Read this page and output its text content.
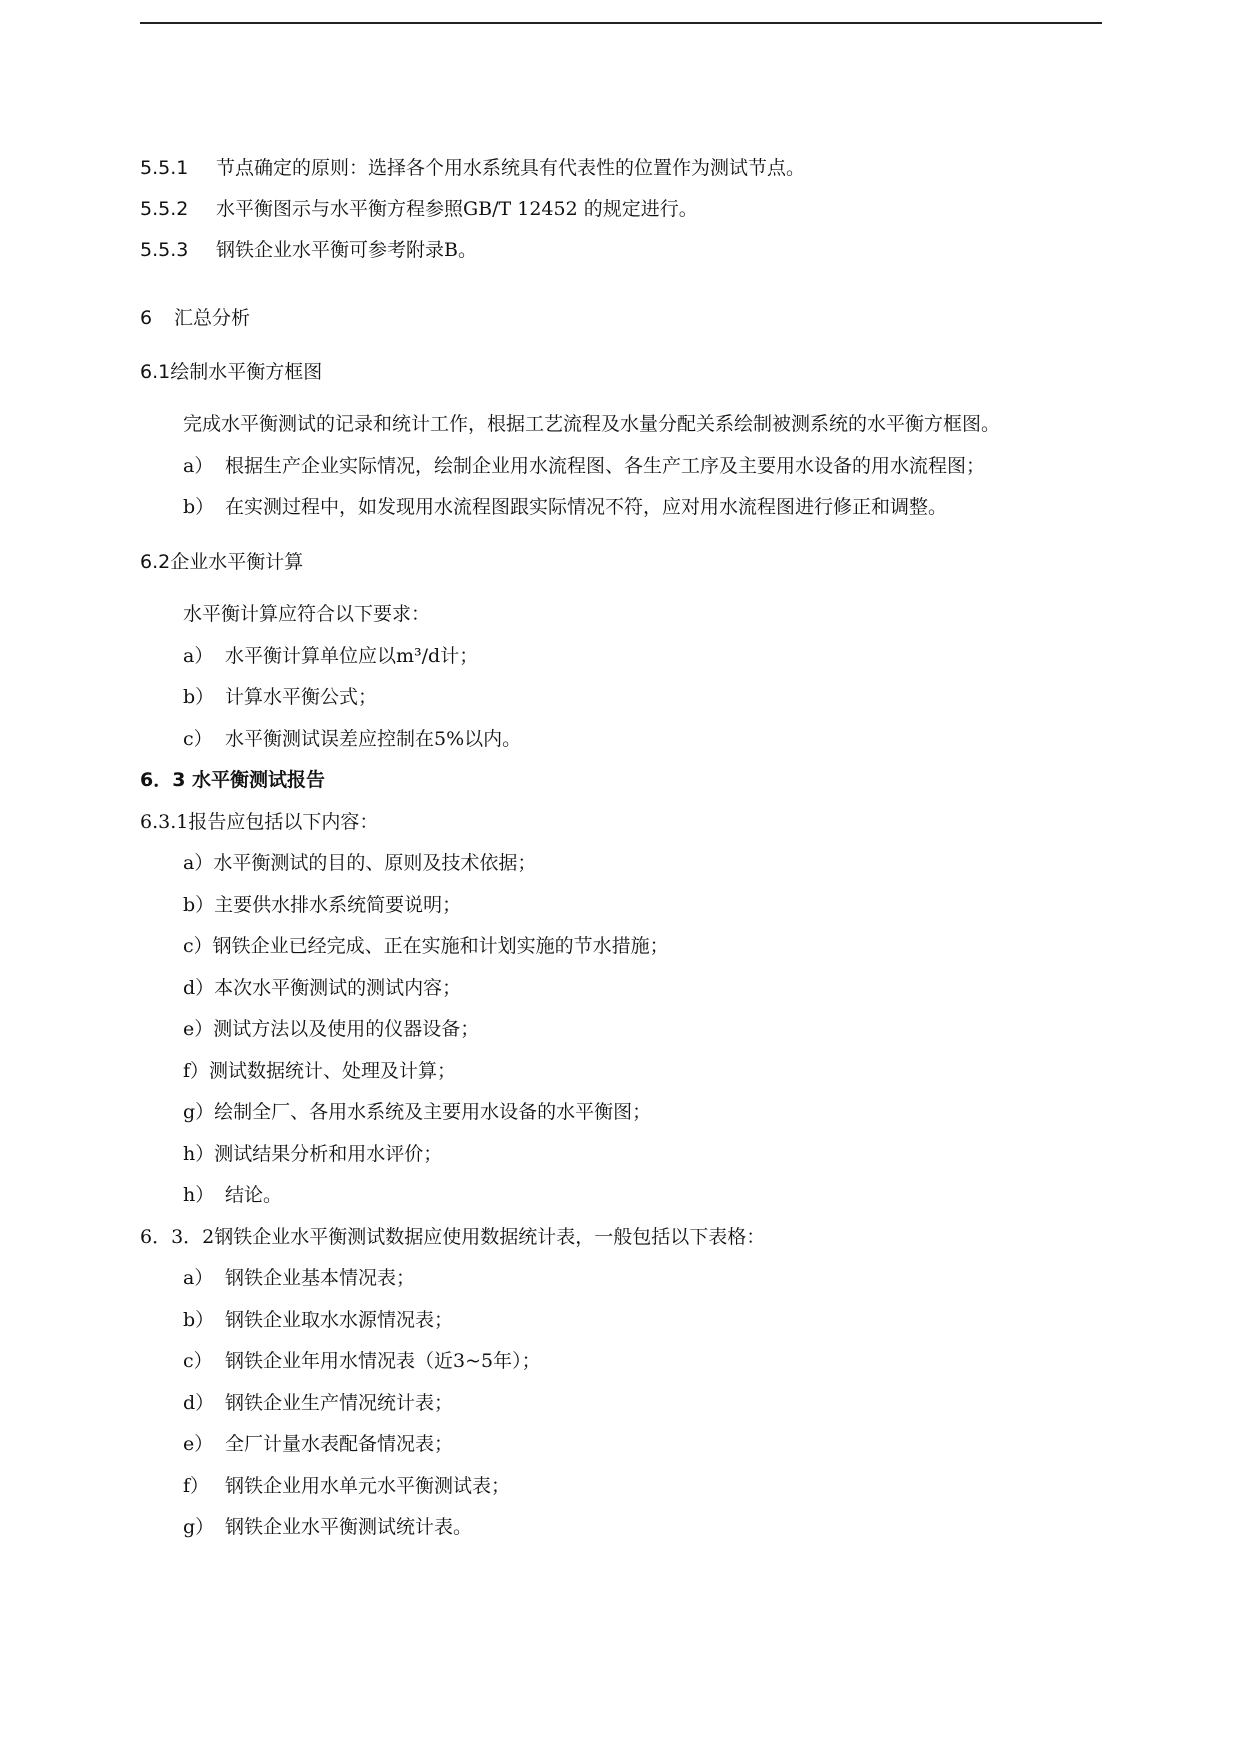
5.5.1 节点确定的原则：选择各个用水系统具有代表性的位置作为测试节点。
5.5.2 水平衡图示与水平衡方程参照GB/T 12452 的规定进行。
5.5.3 钢铁企业水平衡可参考附录B。
6 汇总分析
6.1绘制水平衡方框图
完成水平衡测试的记录和统计工作，根据工艺流程及水量分配关系绘制被测系统的水平衡方框图。
a） 根据生产企业实际情况，绘制企业用水流程图、各生产工序及主要用水设备的用水流程图；
b） 在实测过程中，如发现用水流程图跟实际情况不符，应对用水流程图进行修正和调整。
6.2企业水平衡计算
水平衡计算应符合以下要求：
a） 水平衡计算单位应以m³/d计；
b） 计算水平衡公式；
c） 水平衡测试误差应控制在5%以内。
6．3 水平衡测试报告
6.3.1报告应包括以下内容：
a）水平衡测试的目的、原则及技术依据；
b）主要供水排水系统简要说明；
c）钢铁企业已经完成、正在实施和计划实施的节水措施；
d）本次水平衡测试的测试内容；
e）测试方法以及使用的仪器设备；
f）测试数据统计、处理及计算；
g）绘制全厂、各用水系统及主要用水设备的水平衡图；
h）测试结果分析和用水评价；
h） 结论。
6．3．2钢铁企业水平衡测试数据应使用数据统计表，一般包括以下表格：
a） 钢铁企业基本情况表；
b） 钢铁企业取水水源情况表；
c） 钢铁企业年用水情况表（近3~5年）；
d） 钢铁企业生产情况统计表；
e） 全厂计量水表配备情况表；
f） 钢铁企业用水单元水平衡测试表；
g） 钢铁企业水平衡测试统计表。
